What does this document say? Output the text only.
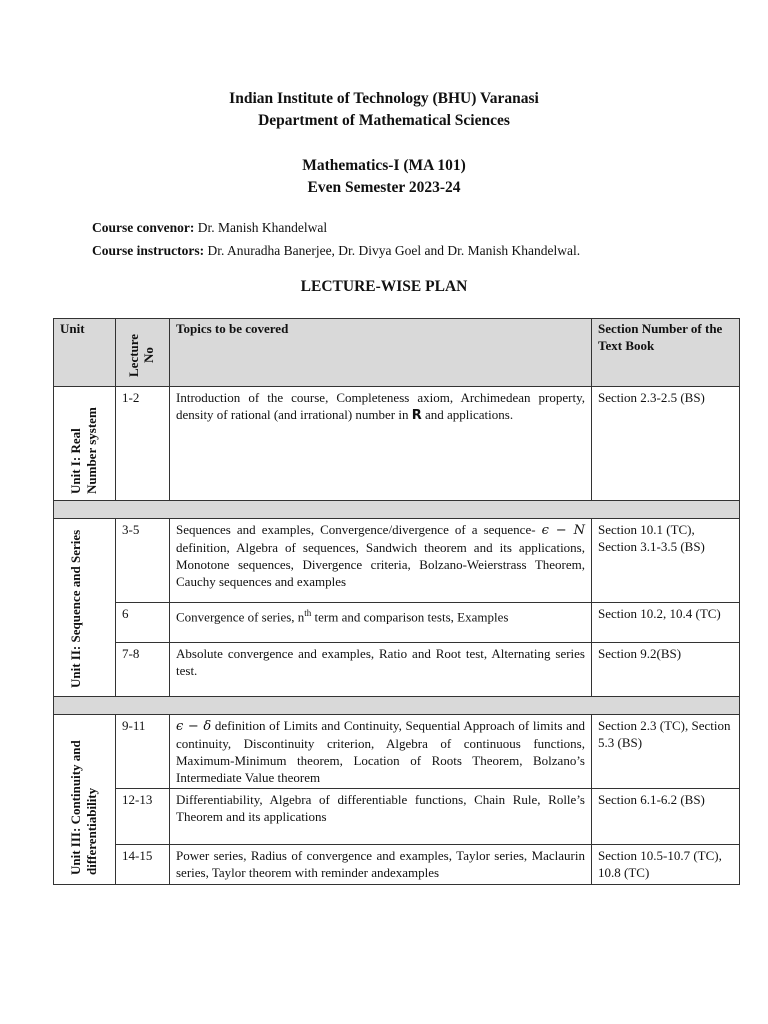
Indian Institute of Technology (BHU) Varanasi
Department of Mathematical Sciences
Mathematics-I (MA 101)
Even Semester 2023-24
Course convenor: Dr. Manish Khandelwal
Course instructors: Dr. Anuradha Banerjee, Dr. Divya Goel and Dr. Manish Khandelwal.
LECTURE-WISE PLAN
Unit	Lecture No	Topics to be covered	Section Number of the Text Book

Unit I: Real Number system	1-2	Introduction of the course, Completeness axiom, Archimedean property, density of rational (and irrational) number in R and applications.	Section 2.3-2.5 (BS)

Unit II: Sequence and Series	3-5	Sequences and examples, Convergence/divergence of a sequence- ϵ − N definition, Algebra of sequences, Sandwich theorem and its applications, Monotone sequences, Divergence criteria, Bolzano-Weierstrass Theorem, Cauchy sequences and examples	Section 10.1 (TC), Section 3.1-3.5 (BS)
	6	Convergence of series, $n^{th}$ term and comparison tests, Examples	Section 10.2, 10.4 (TC)
	7-8	Absolute convergence and examples, Ratio and Root test, Alternating series test.	Section 9.2(BS)

Unit III: Continuity and differentiability	9-11	ϵ − δ definition of Limits and Continuity, Sequential Approach of limits and continuity, Discontinuity criterion, Algebra of continuous functions, Maximum-Minimum theorem, Location of Roots Theorem, Bolzano’s Intermediate Value theorem	Section 2.3 (TC), Section 5.3 (BS)
	12-13	Differentiability, Algebra of differentiable functions, Chain Rule, Rolle’s Theorem and its applications	Section 6.1-6.2 (BS)
	14-15	Power series, Radius of convergence and examples, Taylor series, Maclaurin series, Taylor theorem with reminder andexamples	Section 10.5-10.7 (TC), 10.8 (TC)
